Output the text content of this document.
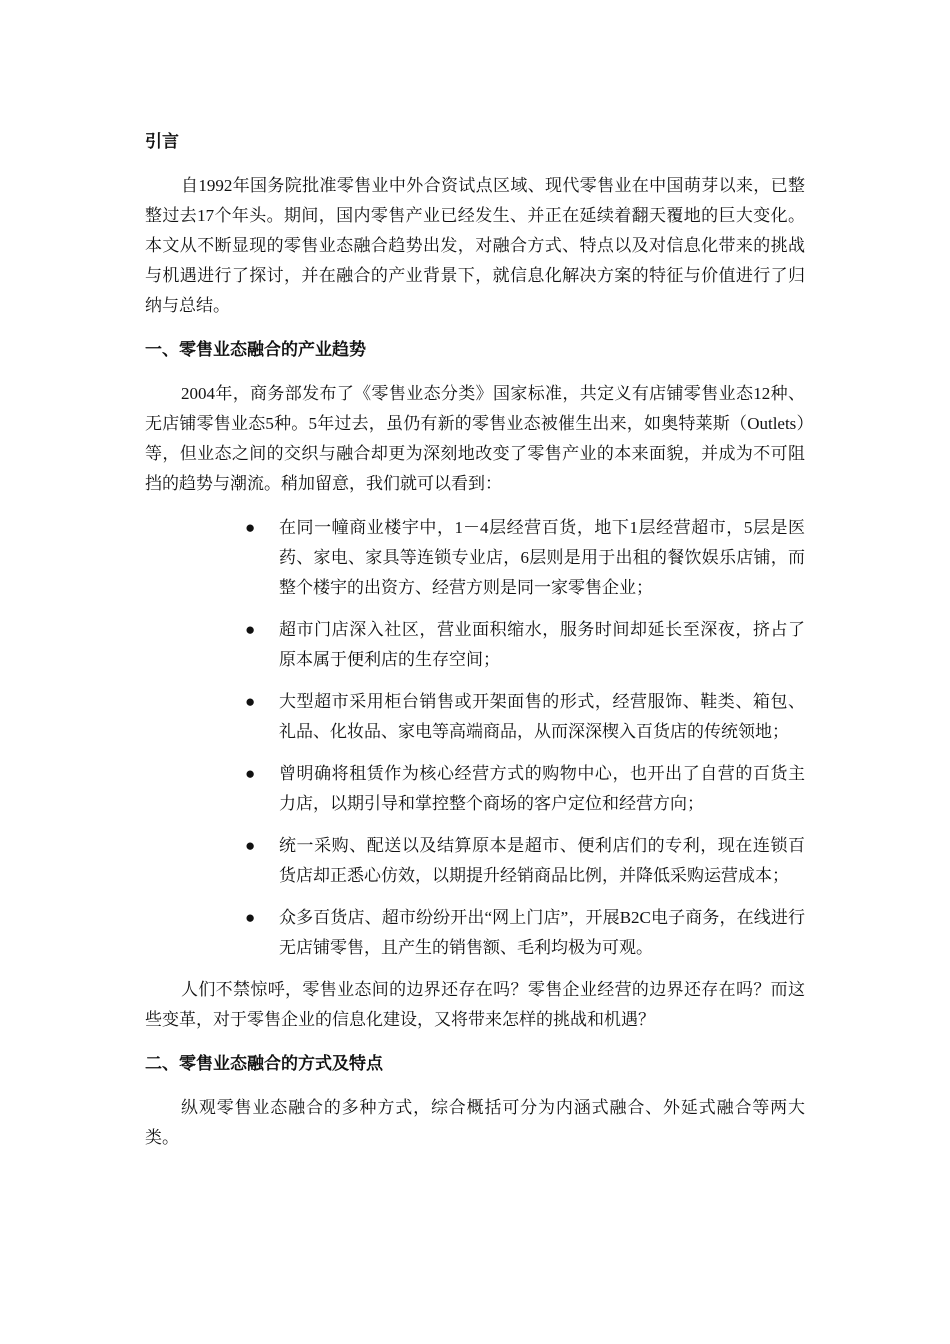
引言

自1992年国务院批准零售业中外合资试点区域、现代零售业在中国萌芽以来，已整整过去17个年头。期间，国内零售产业已经发生、并正在延续着翻天覆地的巨大变化。本文从不断显现的零售业态融合趋势出发，对融合方式、特点以及对信息化带来的挑战与机遇进行了探讨，并在融合的产业背景下，就信息化解决方案的特征与价值进行了归纳与总结。

一、零售业态融合的产业趋势

2004年，商务部发布了《零售业态分类》国家标准，共定义有店铺零售业态12种、无店铺零售业态5种。5年过去，虽仍有新的零售业态被催生出来，如奥特莱斯（Outlets）等，但业态之间的交织与融合却更为深刻地改变了零售产业的本来面貌，并成为不可阻挡的趋势与潮流。稍加留意，我们就可以看到：

●	在同一幢商业楼宇中，1－4层经营百货，地下1层经营超市，5层是医药、家电、家具等连锁专业店，6层则是用于出租的餐饮娱乐店铺，而整个楼宇的出资方、经营方则是同一家零售企业；
●	超市门店深入社区，营业面积缩水，服务时间却延长至深夜，挤占了原本属于便利店的生存空间；
●	大型超市采用柜台销售或开架面售的形式，经营服饰、鞋类、箱包、礼品、化妆品、家电等高端商品，从而深深楔入百货店的传统领地；
●	曾明确将租赁作为核心经营方式的购物中心，也开出了自营的百货主力店，以期引导和掌控整个商场的客户定位和经营方向；
●	统一采购、配送以及结算原本是超市、便利店们的专利，现在连锁百货店却正悉心仿效，以期提升经销商品比例，并降低采购运营成本；
●	众多百货店、超市纷纷开出“网上门店”，开展B2C电子商务，在线进行无店铺零售，且产生的销售额、毛利均极为可观。

人们不禁惊呼，零售业态间的边界还存在吗？零售企业经营的边界还存在吗？而这些变革，对于零售企业的信息化建设，又将带来怎样的挑战和机遇？

二、零售业态融合的方式及特点

纵观零售业态融合的多种方式，综合概括可分为内涵式融合、外延式融合等两大类。
